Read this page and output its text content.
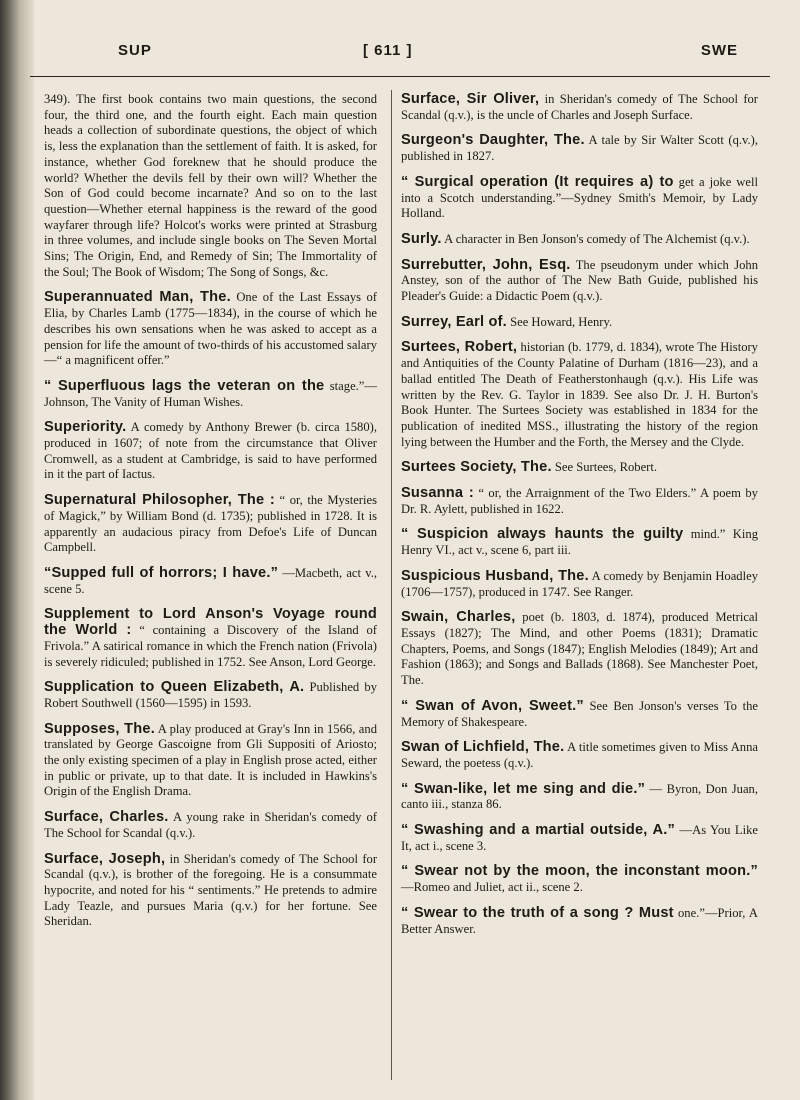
SUP	[ 611 ]	SWE
349). The first book contains two main questions, the second four, the third one, and the fourth eight. Each main question heads a collection of subordinate questions, the object of which is, less the explanation than the settlement of faith. It is asked, for instance, whether God foreknew that he should produce the world? Whether the devils fell by their own will? Whether the Son of God could become incarnate? And so on to the last question—Whether eternal happiness is the reward of the good wayfarer through life? Holcot's works were printed at Strasburg in three volumes, and include single books on The Seven Mortal Sins; The Origin, End, and Remedy of Sin; The Immortality of the Soul; The Book of Wisdom; The Song of Songs, &c.
Superannuated Man, The. One of the Last Essays of Elia, by Charles Lamb (1775—1834), in the course of which he describes his own sensations when he was asked to accept as a pension for life the amount of two-thirds of his accustomed salary—“ a magnificent offer.”
“ Superfluous lags the veteran on the stage.”—Johnson, The Vanity of Human Wishes.
Superiority. A comedy by Anthony Brewer (b. circa 1580), produced in 1607; of note from the circumstance that Oliver Cromwell, as a student at Cambridge, is said to have performed in it the part of Iactus.
Supernatural Philosopher, The : “ or, the Mysteries of Magick,” by William Bond (d. 1735); published in 1728. It is apparently an audacious piracy from Defoe's Life of Duncan Campbell.
“Supped full of horrors; I have.” —Macbeth, act v., scene 5.
Supplement to Lord Anson's Voyage round the World : “ containing a Discovery of the Island of Frivola.” A satirical romance in which the French nation (Frivola) is severely ridiculed; published in 1752. See Anson, Lord George.
Supplication to Queen Elizabeth, A. Published by Robert Southwell (1560—1595) in 1593.
Supposes, The. A play produced at Gray's Inn in 1566, and translated by George Gascoigne from Gli Suppositi of Ariosto; the only existing specimen of a play in English prose acted, either in public or private, up to that date. It is included in Hawkins's Origin of the English Drama.
Surface, Charles. A young rake in Sheridan's comedy of The School for Scandal (q.v.).
Surface, Joseph, in Sheridan's comedy of The School for Scandal (q.v.), is brother of the foregoing. He is a consummate hypocrite, and noted for his “ sentiments.” He pretends to admire Lady Teazle, and pursues Maria (q.v.) for her fortune. See Sheridan.
Surface, Sir Oliver, in Sheridan's comedy of The School for Scandal (q.v.), is the uncle of Charles and Joseph Surface.
Surgeon's Daughter, The. A tale by Sir Walter Scott (q.v.), published in 1827.
“ Surgical operation (It requires a) to get a joke well into a Scotch understanding.”—Sydney Smith's Memoir, by Lady Holland.
Surly. A character in Ben Jonson's comedy of The Alchemist (q.v.).
Surrebutter, John, Esq. The pseudonym under which John Anstey, son of the author of The New Bath Guide, published his Pleader's Guide: a Didactic Poem (q.v.).
Surrey, Earl of. See Howard, Henry.
Surtees, Robert, historian (b. 1779, d. 1834), wrote The History and Antiquities of the County Palatine of Durham (1816—23), and a ballad entitled The Death of Featherstonhaugh (q.v.). His Life was written by the Rev. G. Taylor in 1839. See also Dr. J. H. Burton's Book Hunter. The Surtees Society was established in 1834 for the publication of inedited MSS., illustrating the history of the region lying between the Humber and the Forth, the Mersey and the Clyde.
Surtees Society, The. See Surtees, Robert.
Susanna : “ or, the Arraignment of the Two Elders.” A poem by Dr. R. Aylett, published in 1622.
“ Suspicion always haunts the guilty mind.” King Henry VI., act v., scene 6, part iii.
Suspicious Husband, The. A comedy by Benjamin Hoadley (1706—1757), produced in 1747. See Ranger.
Swain, Charles, poet (b. 1803, d. 1874), produced Metrical Essays (1827); The Mind, and other Poems (1831); Dramatic Chapters, Poems, and Songs (1847); English Melodies (1849); Art and Fashion (1863); and Songs and Ballads (1868). See Manchester Poet, The.
“ Swan of Avon, Sweet.” See Ben Jonson's verses To the Memory of Shakespeare.
Swan of Lichfield, The. A title sometimes given to Miss Anna Seward, the poetess (q.v.).
“ Swan-like, let me sing and die.” — Byron, Don Juan, canto iii., stanza 86.
“ Swashing and a martial outside, A.” —As You Like It, act i., scene 3.
“ Swear not by the moon, the inconstant moon.” —Romeo and Juliet, act ii., scene 2.
“ Swear to the truth of a song ? Must one.”—Prior, A Better Answer.
